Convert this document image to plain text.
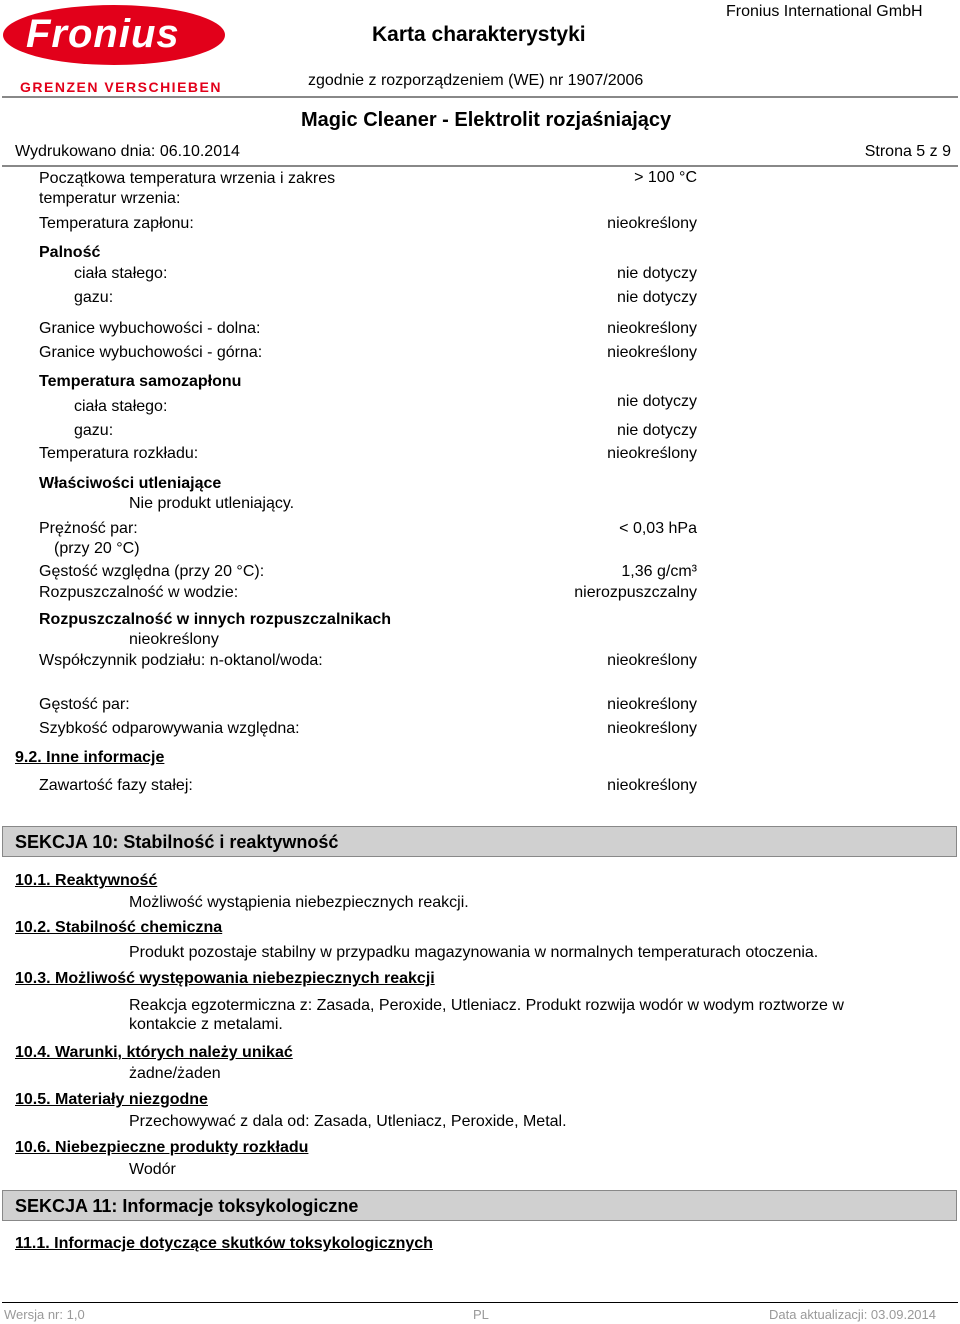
Fronius
GRENZEN VERSCHIEBEN
Karta charakterystyki
Fronius International GmbH
zgodnie z rozporządzeniem (WE) nr 1907/2006
Magic Cleaner - Elektrolit rozjaśniający
Wydrukowano dnia: 06.10.2014	Strona 5 z 9
Początkowa temperatura wrzenia i zakres
temperatur wrzenia:
> 100 °C
Temperatura zapłonu:	nieokreślony
Palność
ciała stałego:	nie dotyczy
gazu:	nie dotyczy
Granice wybuchowości - dolna:	nieokreślony
Granice wybuchowości - górna:	nieokreślony
Temperatura samozapłonu
ciała stałego:	nie dotyczy
gazu:	nie dotyczy
Temperatura rozkładu:	nieokreślony
Właściwości utleniające
Nie produkt utleniający.
Prężność par:
(przy 20 °C)
< 0,03 hPa
Gęstość względna (przy 20 °C):	1,36 g/cm³
Rozpuszczalność w wodzie:	nierozpuszczalny
Rozpuszczalność w innych rozpuszczalnikach
nieokreślony
Współczynnik podziału: n-oktanol/woda:	nieokreślony
Gęstość par:	nieokreślony
Szybkość odparowywania względna:	nieokreślony
9.2. Inne informacje
Zawartość fazy stałej:	nieokreślony
SEKCJA 10: Stabilność i reaktywność
10.1. Reaktywność
Możliwość wystąpienia niebezpiecznych reakcji.
10.2. Stabilność chemiczna
Produkt pozostaje stabilny w przypadku magazynowania w normalnych temperaturach otoczenia.
10.3. Możliwość występowania niebezpiecznych reakcji
Reakcja egzotermiczna z: Zasada, Peroxide, Utleniacz. Produkt rozwija wodór w wodym roztworze w
kontakcie z metalami.
10.4. Warunki, których należy unikać
żadne/żaden
10.5. Materiały niezgodne
Przechowywać z dala od: Zasada, Utleniacz, Peroxide, Metal.
10.6. Niebezpieczne produkty rozkładu
Wodór
SEKCJA 11: Informacje toksykologiczne
11.1. Informacje dotyczące skutków toksykologicznych
Wersja nr: 1,0	PL	Data aktualizacji: 03.09.2014
